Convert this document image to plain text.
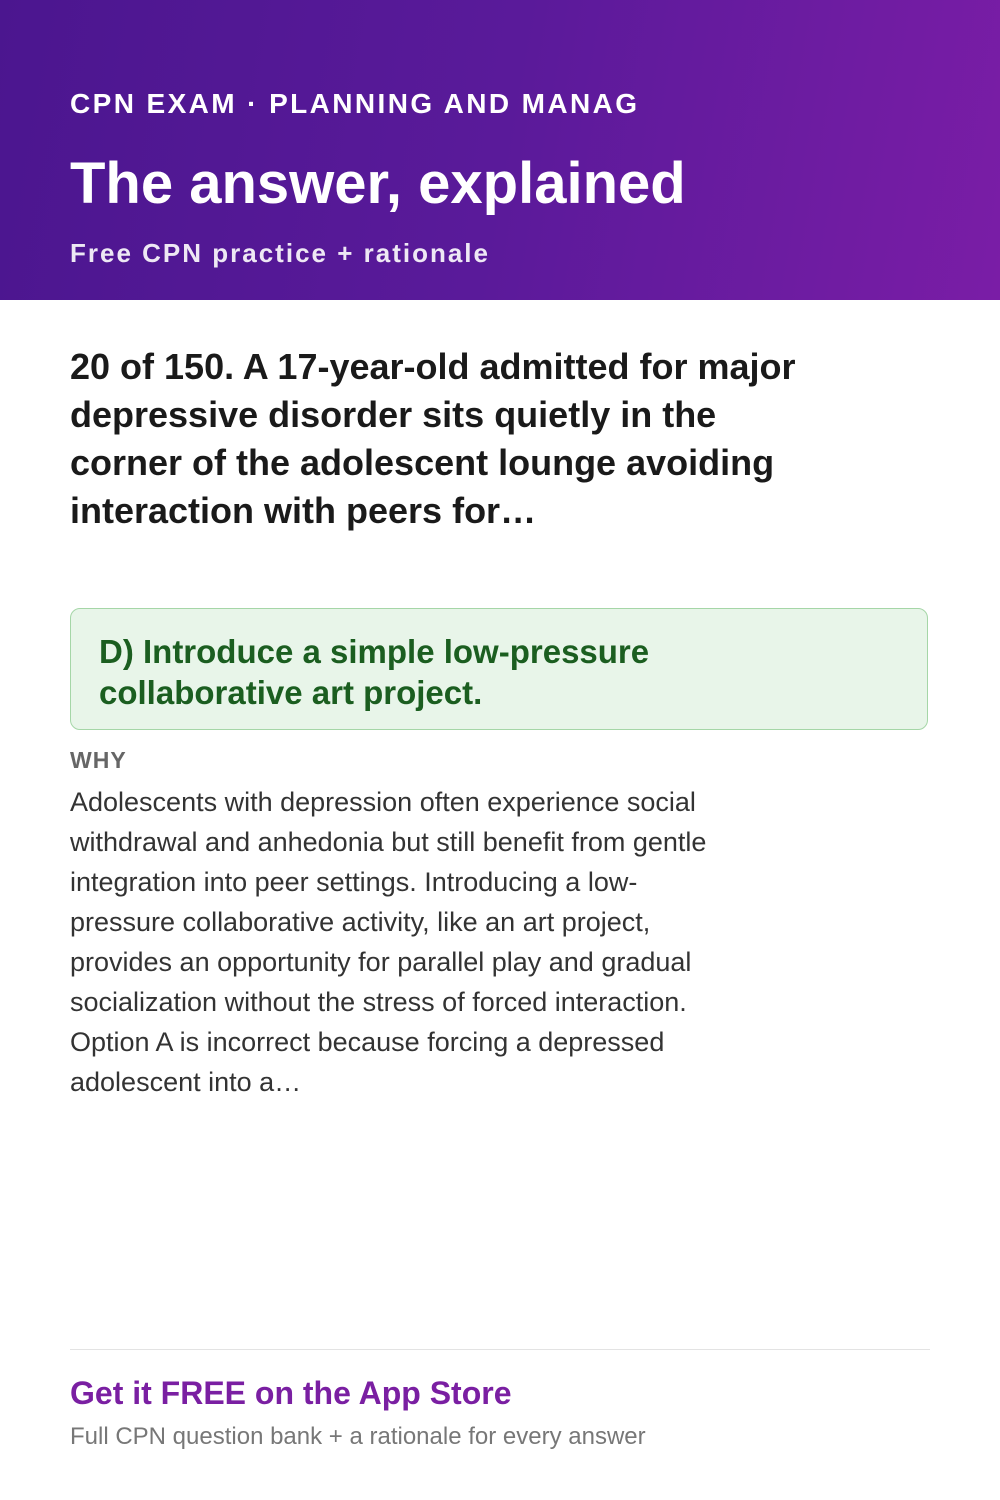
CPN EXAM · PLANNING AND MANAG
The answer, explained
Free CPN practice + rationale
20 of 150. A 17-year-old admitted for major depressive disorder sits quietly in the corner of the adolescent lounge avoiding interaction with peers for…
D) Introduce a simple low-pressure collaborative art project.
WHY
Adolescents with depression often experience social withdrawal and anhedonia but still benefit from gentle integration into peer settings. Introducing a low-pressure collaborative activity, like an art project, provides an opportunity for parallel play and gradual socialization without the stress of forced interaction. Option A is incorrect because forcing a depressed adolescent into a…
Get it FREE on the App Store
Full CPN question bank + a rationale for every answer
